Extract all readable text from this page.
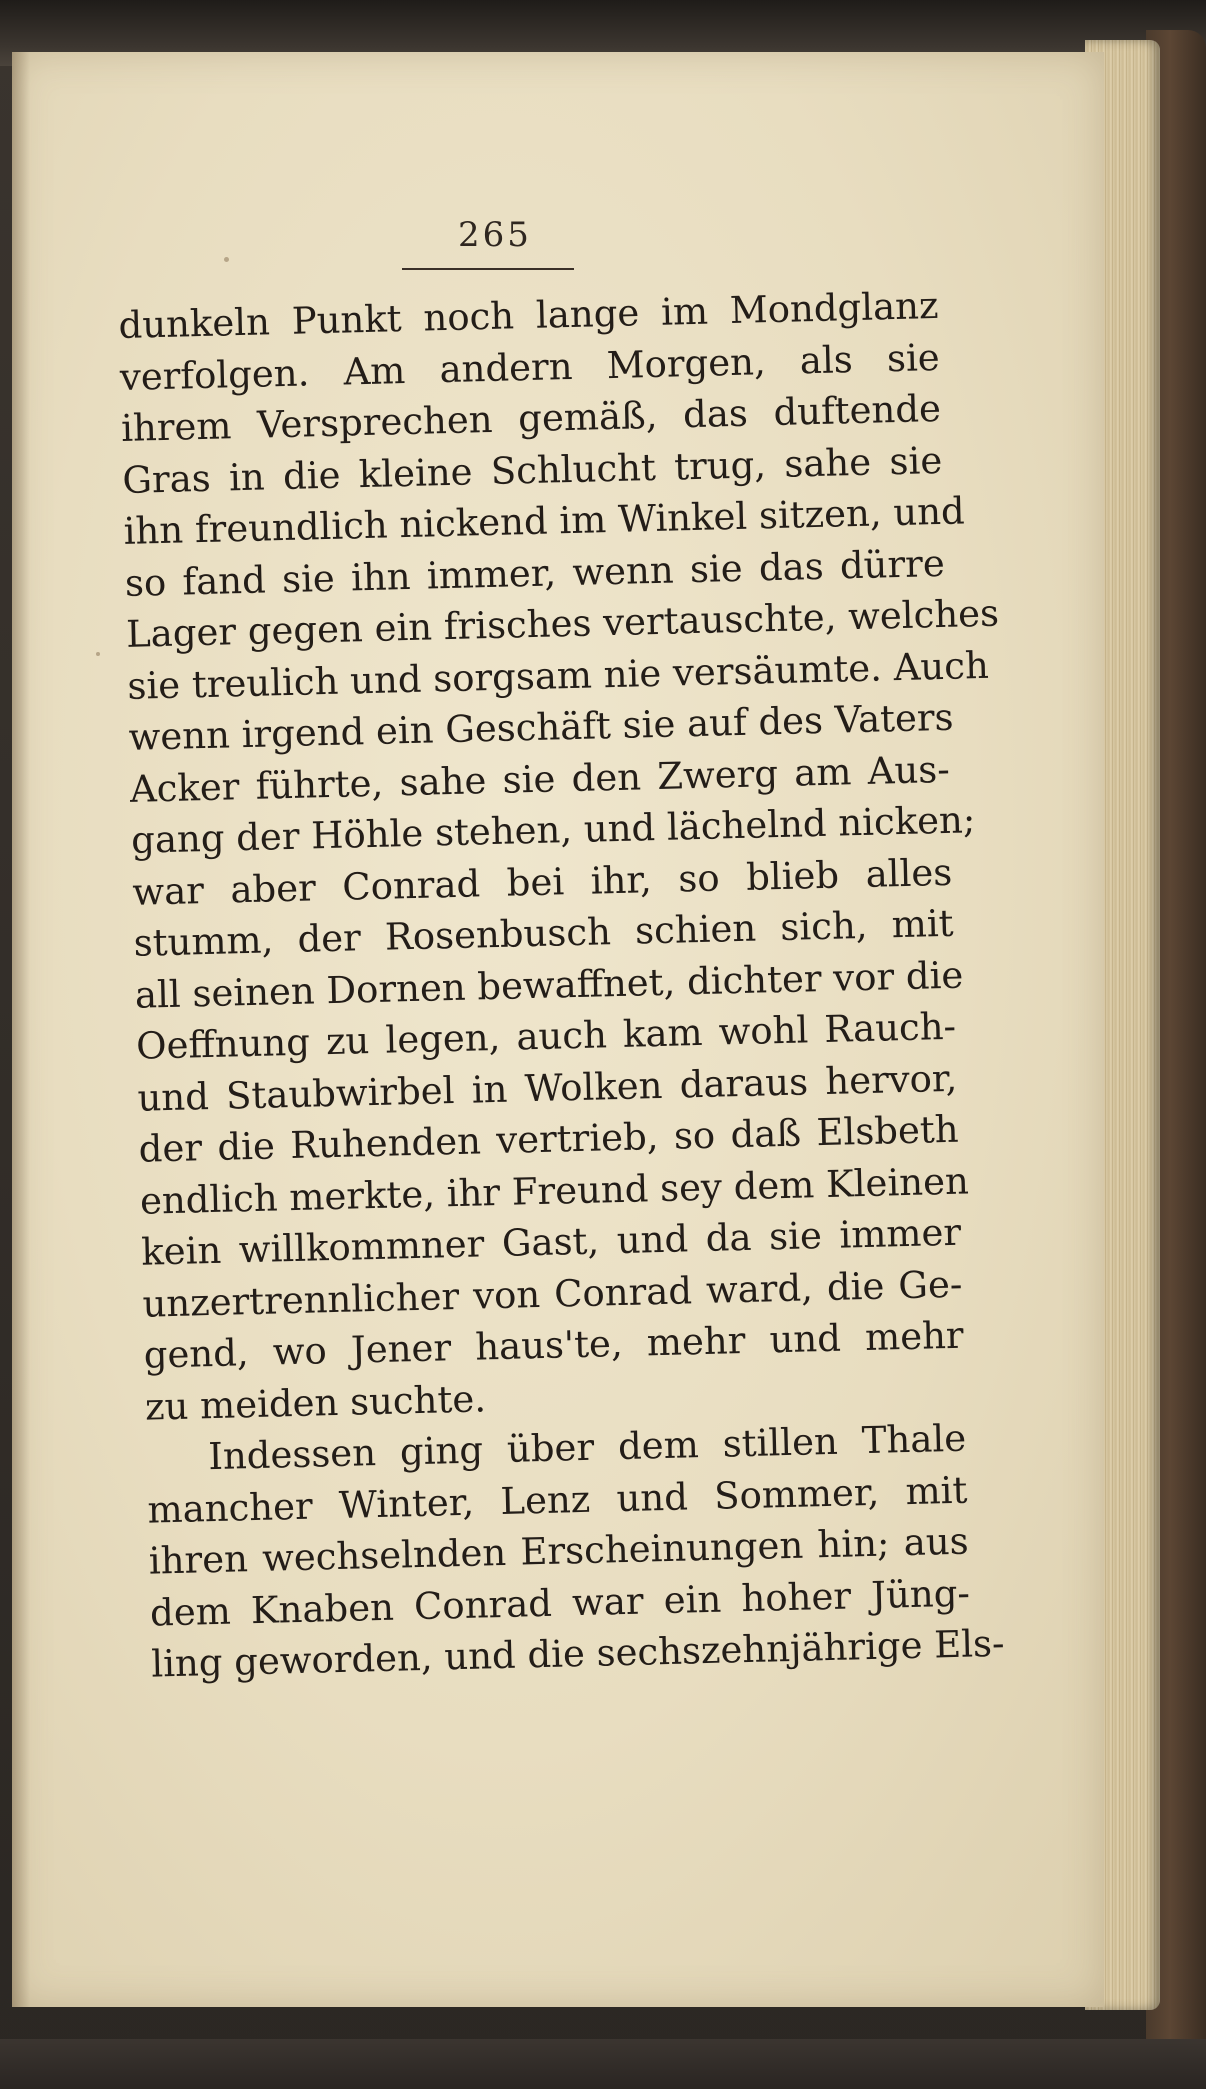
265
dunkeln Punkt noch lange im Mondglanz
verfolgen. Am andern Morgen, als sie
ihrem Versprechen gemäß, das duftende
Gras in die kleine Schlucht trug, sahe sie
ihn freundlich nickend im Winkel sitzen, und
so fand sie ihn immer, wenn sie das dürre
Lager gegen ein frisches vertauschte, welches
sie treulich und sorgsam nie versäumte. Auch
wenn irgend ein Geschäft sie auf des Vaters
Acker führte, sahe sie den Zwerg am Aus-
gang der Höhle stehen, und lächelnd nicken;
war aber Conrad bei ihr, so blieb alles
stumm, der Rosenbusch schien sich, mit
all seinen Dornen bewaffnet, dichter vor die
Oeffnung zu legen, auch kam wohl Rauch-
und Staubwirbel in Wolken daraus hervor,
der die Ruhenden vertrieb, so daß Elsbeth
endlich merkte, ihr Freund sey dem Kleinen
kein willkommner Gast, und da sie immer
unzertrennlicher von Conrad ward, die Ge-
gend, wo Jener haus'te, mehr und mehr
zu meiden suchte.
Indessen ging über dem stillen Thale
mancher Winter, Lenz und Sommer, mit
ihren wechselnden Erscheinungen hin; aus
dem Knaben Conrad war ein hoher Jüng-
ling geworden, und die sechszehnjährige Els-
